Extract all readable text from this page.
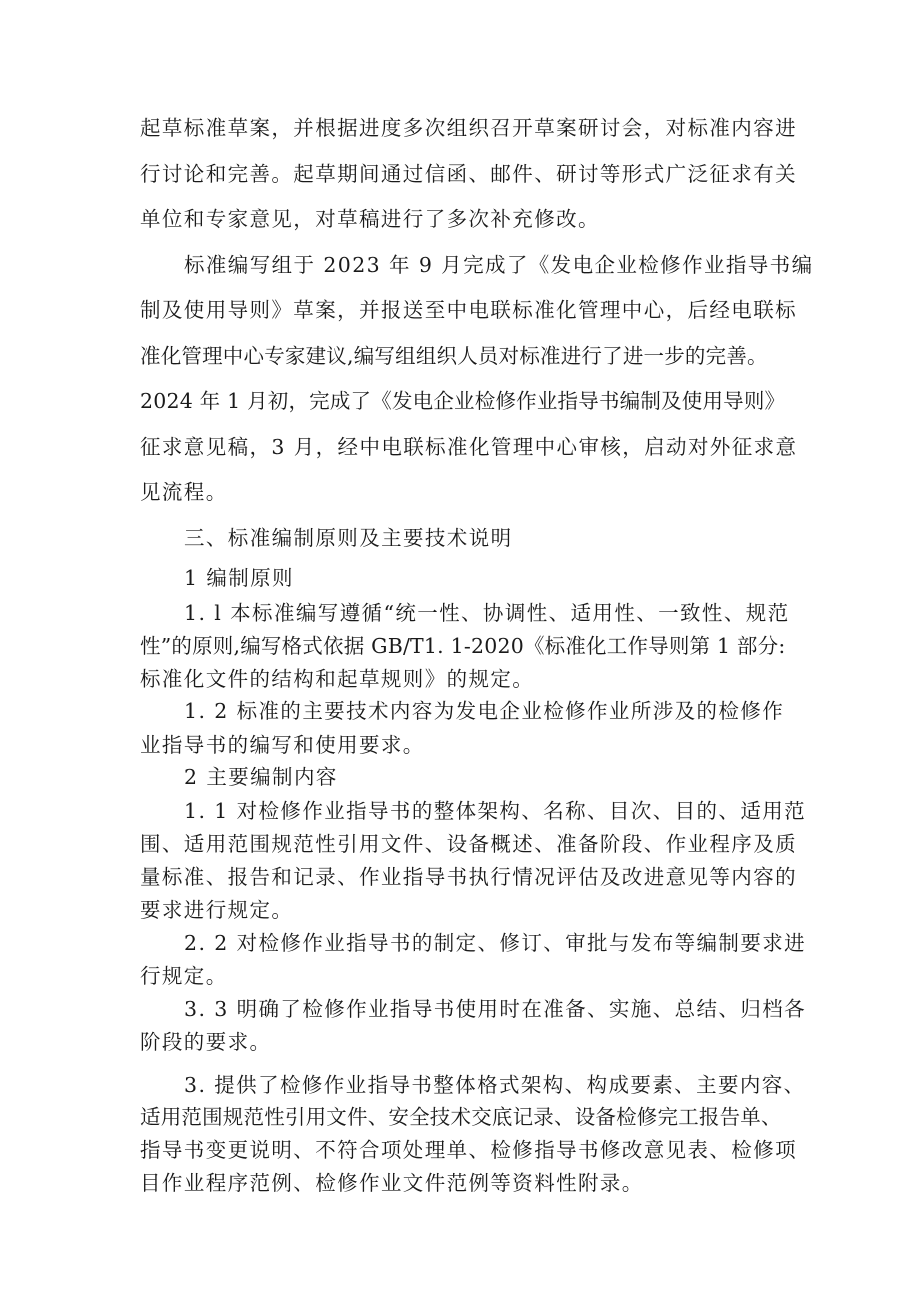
起草标准草案，并根据进度多次组织召开草案研讨会，对标准内容进
行讨论和完善。起草期间通过信函、邮件、研讨等形式广泛征求有关
单位和专家意见，对草稿进行了多次补充修改。
标准编写组于 2023 年 9 月完成了《发电企业检修作业指导书编
制及使用导则》草案，并报送至中电联标准化管理中心，后经电联标
准化管理中心专家建议,编写组组织人员对标准进行了进一步的完善。
2024 年 1 月初，完成了《发电企业检修作业指导书编制及使用导则》
征求意见稿，3 月，经中电联标准化管理中心审核，启动对外征求意
见流程。
三、标准编制原则及主要技术说明
1 编制原则
1. l 本标准编写遵循“统一性、协调性、适用性、一致性、规范
性”的原则,编写格式依据 GB/T1. 1-2020《标准化工作导则第 1 部分:
标准化文件的结构和起草规则》的规定。
1. 2 标准的主要技术内容为发电企业检修作业所涉及的检修作
业指导书的编写和使用要求。
2 主要编制内容
1. 1 对检修作业指导书的整体架构、名称、目次、目的、适用范
围、适用范围规范性引用文件、设备概述、准备阶段、作业程序及质
量标准、报告和记录、作业指导书执行情况评估及改进意见等内容的
要求进行规定。
2. 2 对检修作业指导书的制定、修订、审批与发布等编制要求进
行规定。
3. 3 明确了检修作业指导书使用时在准备、实施、总结、归档各
阶段的要求。
3. 提供了检修作业指导书整体格式架构、构成要素、主要内容、
适用范围规范性引用文件、安全技术交底记录、设备检修完工报告单、
指导书变更说明、不符合项处理单、检修指导书修改意见表、检修项
目作业程序范例、检修作业文件范例等资料性附录。
